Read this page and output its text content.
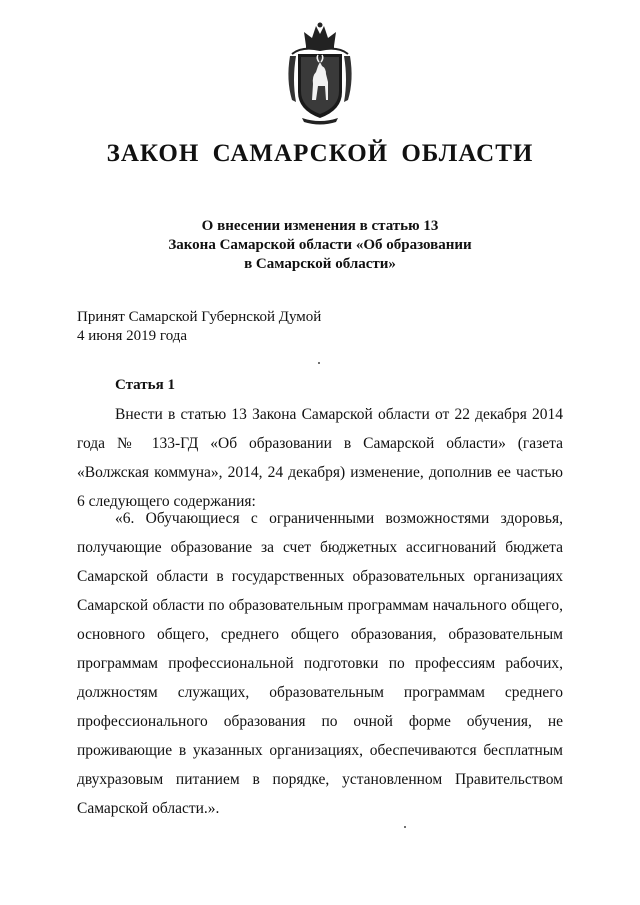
ЗАКОН САМАРСКОЙ ОБЛАСТИ
О внесении изменения в статью 13
Закона Самарской области «Об образовании
в Самарской области»
Принят Самарской Губернской Думой
4 июня 2019 года
Статья 1

Внести в статью 13 Закона Самарской области от 22 декабря 2014 года № 133-ГД «Об образовании в Самарской области» (газета «Волжская коммуна», 2014, 24 декабря) изменение, дополнив ее частью 6 следующего содержания:

«6. Обучающиеся с ограниченными возможностями здоровья, получающие образование за счет бюджетных ассигнований бюджета Самарской области в государственных образовательных организациях Самарской области по образовательным программам начального общего, основного общего, среднего общего образования, образовательным программам профессиональной подготовки по профессиям рабочих, должностям служащих, образовательным программам среднего профессионального образования по очной форме обучения, не проживающие в указанных организациях, обеспечиваются бесплатным двухразовым питанием в порядке, установленном Правительством Самарской области.».
